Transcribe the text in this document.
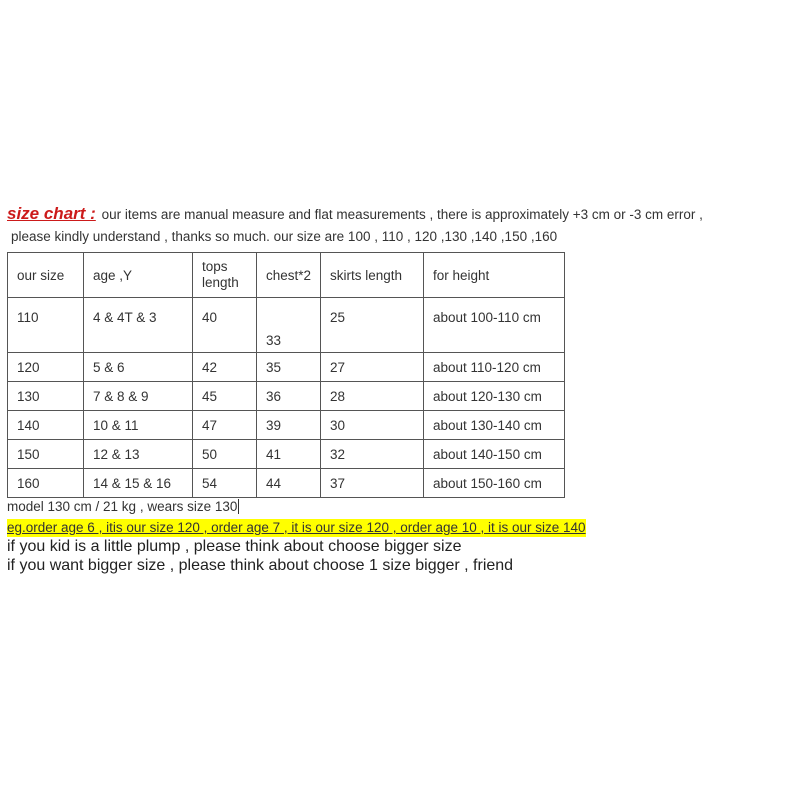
size chart : our items are manual measure and flat measurements , there is approximately +3 cm or -3 cm error ,
please kindly understand , thanks so much. our size are 100 , 110 , 120 ,130 ,140 ,150 ,160
our size	age ,Y	tops length	chest*2	skirts length	for height
110	4 & 4T & 3	40	33	25	about 100-110 cm
120	5 & 6	42	35	27	about 110-120 cm
130	7 & 8 & 9	45	36	28	about 120-130 cm
140	10 & 11	47	39	30	about 130-140 cm
150	12 & 13	50	41	32	about 140-150 cm
160	14 & 15 & 16	54	44	37	about 150-160 cm
model 130 cm / 21 kg , wears size 130
eg.order age 6 , itis our size 120 , order age 7 , it is our size 120 , order age 10 , it is our size 140
if you kid is a little plump , please think about choose bigger size
if you want bigger size , please think about choose 1 size bigger , friend
